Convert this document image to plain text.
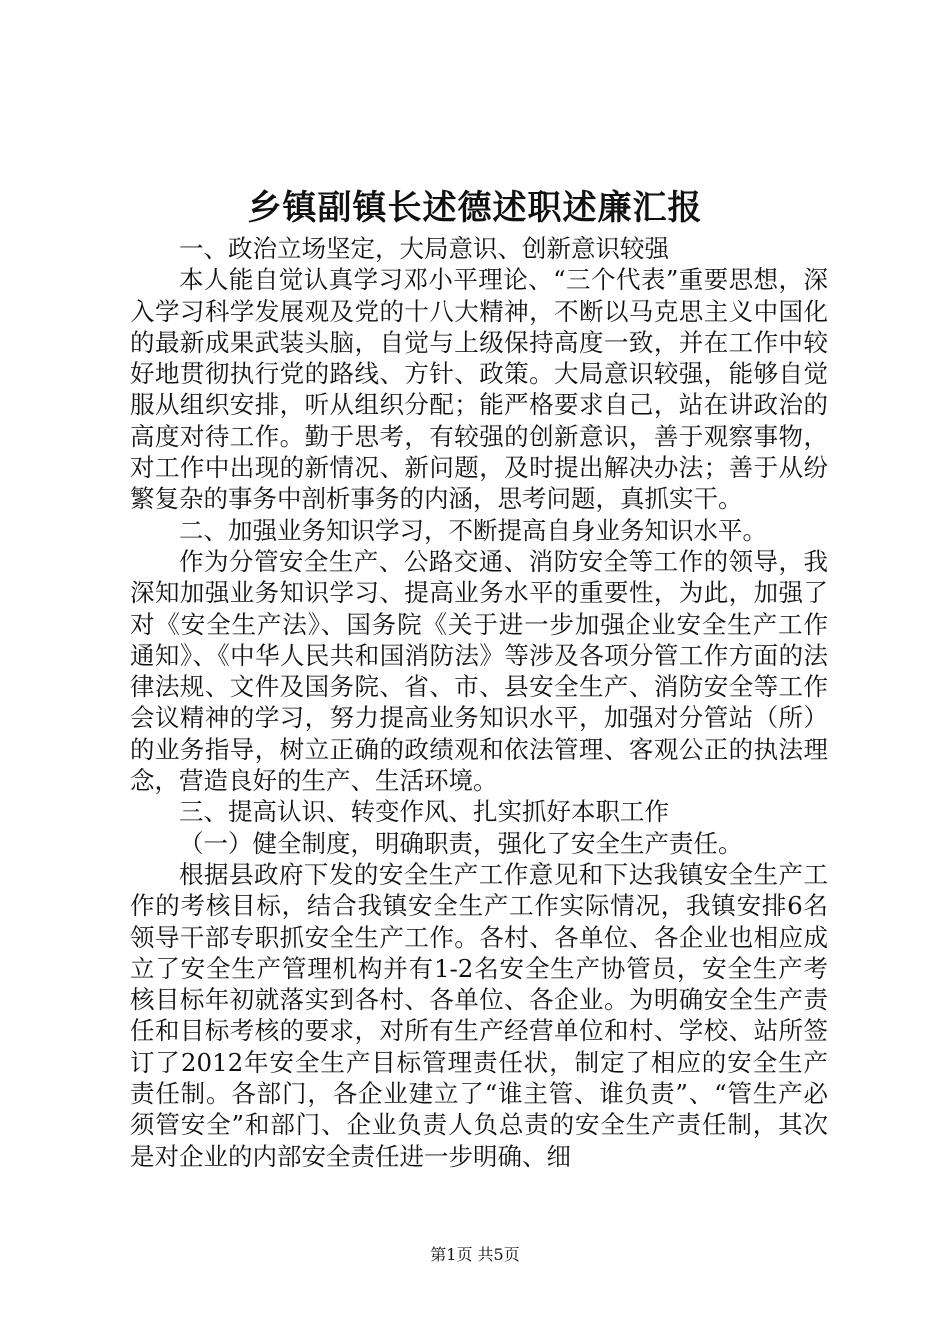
乡镇副镇长述德述职述廉汇报

一、政治立场坚定，大局意识、创新意识较强

本人能自觉认真学习邓小平理论、“三个代表”重要思想，深入学习科学发展观及党的十八大精神，不断以马克思主义中国化的最新成果武装头脑，自觉与上级保持高度一致，并在工作中较好地贯彻执行党的路线、方针、政策。大局意识较强，能够自觉服从组织安排，听从组织分配；能严格要求自己，站在讲政治的高度对待工作。勤于思考，有较强的创新意识，善于观察事物，对工作中出现的新情况、新问题，及时提出解决办法；善于从纷繁复杂的事务中剖析事务的内涵，思考问题，真抓实干。

二、加强业务知识学习，不断提高自身业务知识水平。

作为分管安全生产、公路交通、消防安全等工作的领导，我深知加强业务知识学习、提高业务水平的重要性，为此，加强了对《安全生产法》、国务院《关于进一步加强企业安全生产工作通知》、《中华人民共和国消防法》等涉及各项分管工作方面的法律法规、文件及国务院、省、市、县安全生产、消防安全等工作会议精神的学习，努力提高业务知识水平，加强对分管站（所）的业务指导，树立正确的政绩观和依法管理、客观公正的执法理念，营造良好的生产、生活环境。

三、提高认识、转变作风、扎实抓好本职工作

（一）健全制度，明确职责，强化了安全生产责任。

根据县政府下发的安全生产工作意见和下达我镇安全生产工作的考核目标，结合我镇安全生产工作实际情况，我镇安排6名领导干部专职抓安全生产工作。各村、各单位、各企业也相应成立了安全生产管理机构并有1-2名安全生产协管员，安全生产考核目标年初就落实到各村、各单位、各企业。为明确安全生产责任和目标考核的要求，对所有生产经营单位和村、学校、站所签订了2012年安全生产目标管理责任状，制定了相应的安全生产责任制。各部门，各企业建立了“谁主管、谁负责”、“管生产必须管安全”和部门、企业负责人负总责的安全生产责任制，其次是对企业的内部安全责任进一步明确、细

第1页 共5页
